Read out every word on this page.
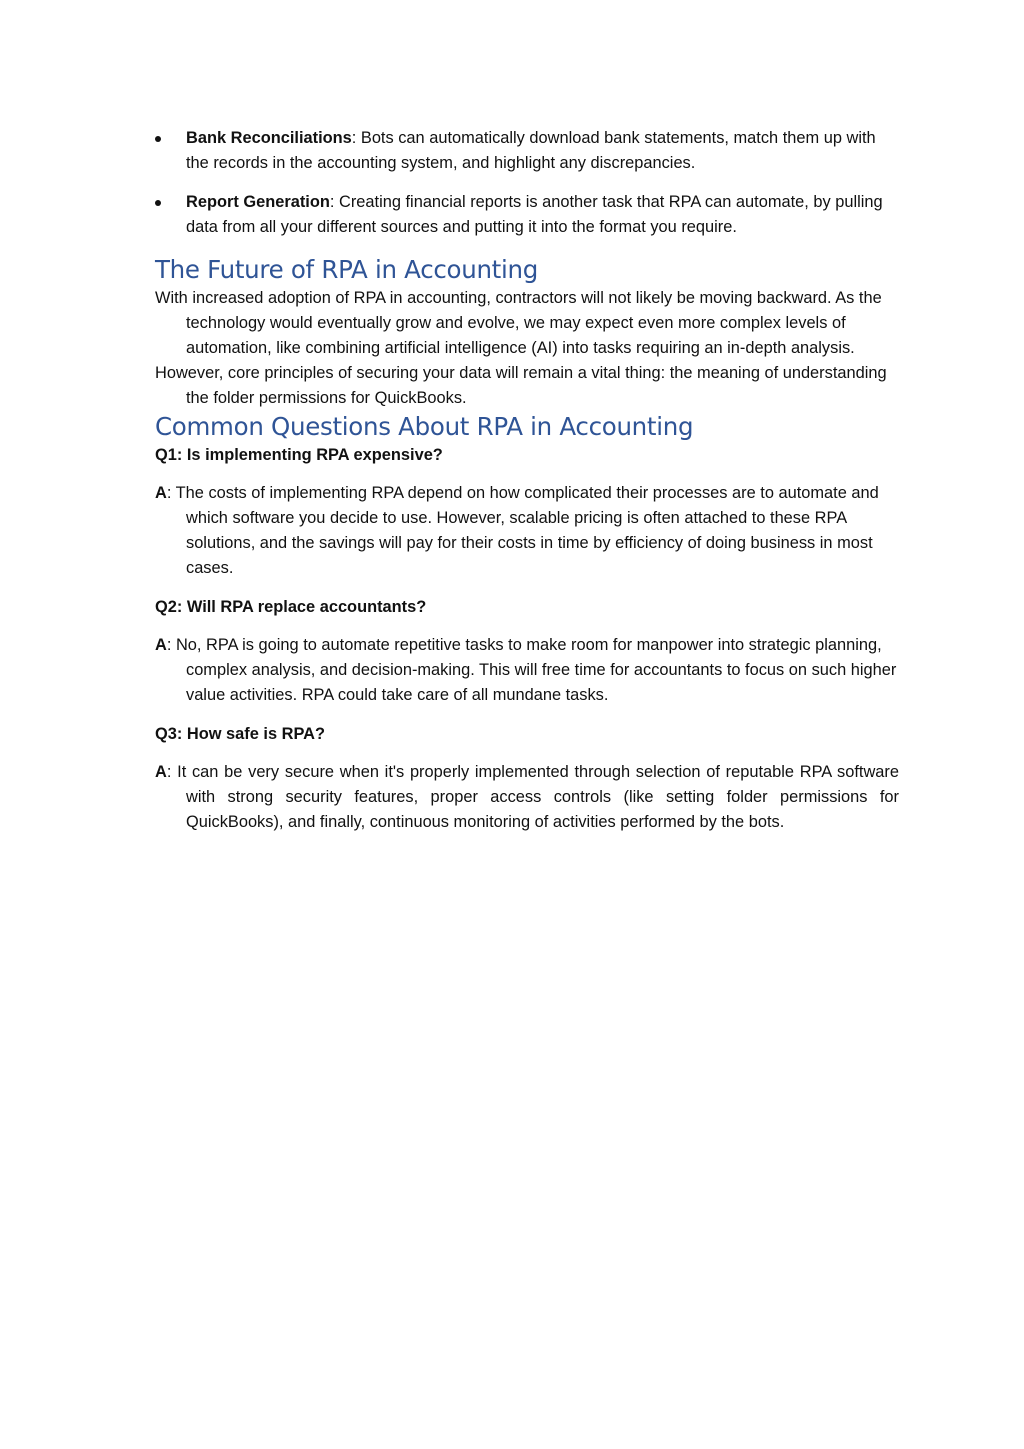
Bank Reconciliations: Bots can automatically download bank statements, match them up with the records in the accounting system, and highlight any discrepancies.
Report Generation: Creating financial reports is another task that RPA can automate, by pulling data from all your different sources and putting it into the format you require.
The Future of RPA in Accounting

With increased adoption of RPA in accounting, contractors will not likely be moving backward. As the technology would eventually grow and evolve, we may expect even more complex levels of automation, like combining artificial intelligence (AI) into tasks requiring an in-depth analysis.

However, core principles of securing your data will remain a vital thing: the meaning of understanding the folder permissions for QuickBooks.

Common Questions About RPA in Accounting

Q1: Is implementing RPA expensive?

A: The costs of implementing RPA depend on how complicated their processes are to automate and which software you decide to use. However, scalable pricing is often attached to these RPA solutions, and the savings will pay for their costs in time by efficiency of doing business in most cases.

Q2: Will RPA replace accountants?

A: No, RPA is going to automate repetitive tasks to make room for manpower into strategic planning, complex analysis, and decision-making. This will free time for accountants to focus on such higher value activities. RPA could take care of all mundane tasks.

Q3: How safe is RPA?

A: It can be very secure when it's properly implemented through selection of reputable RPA software with strong security features, proper access controls (like setting folder permissions for QuickBooks), and finally, continuous monitoring of activities performed by the bots.
